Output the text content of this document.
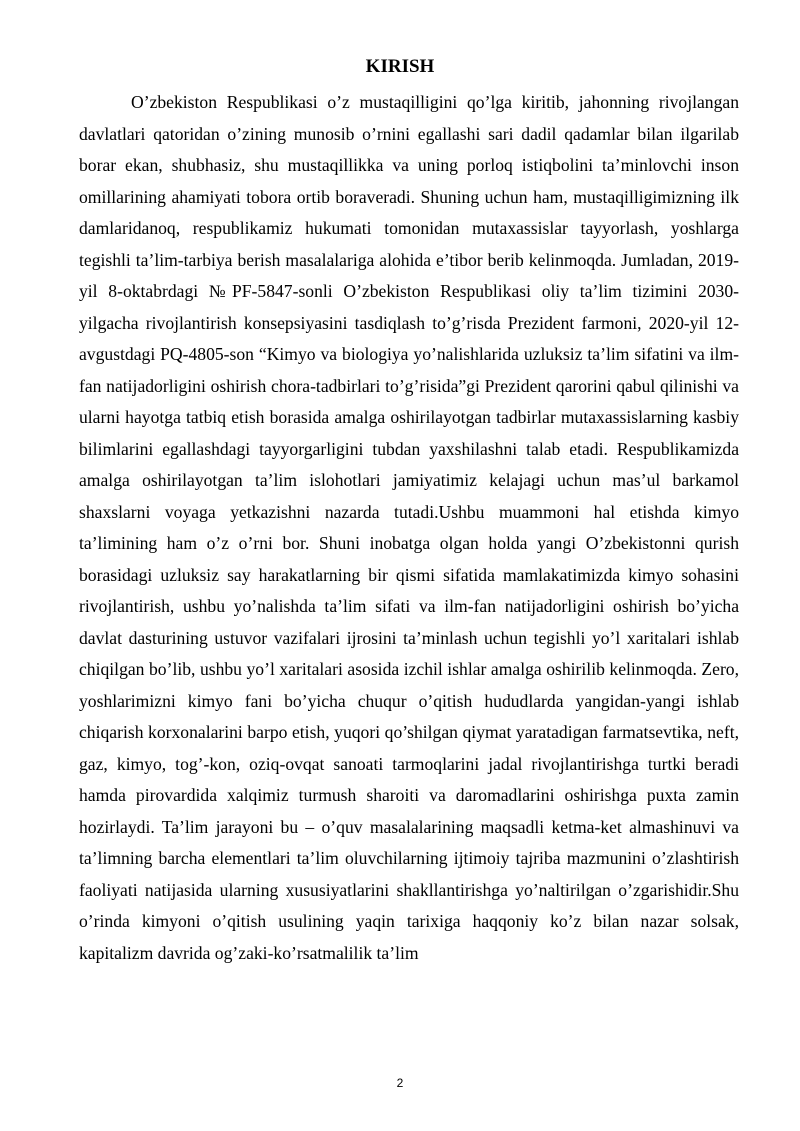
KIRISH

O’zbekiston Respublikasi o’z mustaqilligini qo’lga kiritib, jahonning rivojlangan davlatlari qatoridan o’zining munosib o’rnini egallashi sari dadil qadamlar bilan ilgarilab borar ekan, shubhasiz, shu mustaqillikka va uning porloq istiqbolini ta’minlovchi inson omillarining ahamiyati tobora ortib boraveradi. Shuning uchun ham, mustaqilligimizning ilk damlaridanoq, respublikamiz hukumati tomonidan mutaxassislar tayyorlash, yoshlarga tegishli ta’lim-tarbiya berish masalalariga alohida e’tibor berib kelinmoqda. Jumladan, 2019-yil 8-oktabrdagi №PF-5847-sonli O’zbekiston Respublikasi oliy ta’lim tizimini 2030-yilgacha rivojlantirish konsepsiyasini tasdiqlash to’g’risda Prezident farmoni, 2020-yil 12-avgustdagi PQ-4805-son “Kimyo va biologiya yo’nalishlarida uzluksiz ta’lim sifatini va ilm-fan natijadorligini oshirish chora-tadbirlari to’g’risida”gi Prezident qarorini qabul qilinishi va ularni hayotga tatbiq etish borasida amalga oshirilayotgan tadbirlar mutaxassislarning kasbiy bilimlarini egallashdagi tayyorgarligini tubdan yaxshilashni talab etadi. Respublikamizda amalga oshirilayotgan ta’lim islohotlari jamiyatimiz kelajagi uchun mas’ul barkamol shaxslarni voyaga yetkazishni nazarda tutadi.Ushbu muammoni hal etishda kimyo ta’limining ham o’z o’rni bor. Shuni inobatga olgan holda yangi O’zbekistonni qurish borasidagi uzluksiz say harakatlarning bir qismi sifatida mamlakatimizda kimyo sohasini rivojlantirish, ushbu yo’nalishda ta’lim sifati va ilm-fan natijadorligini oshirish bo’yicha davlat dasturining ustuvor vazifalari ijrosini ta’minlash uchun tegishli yo’l xaritalari ishlab chiqilgan bo’lib, ushbu yo’l xaritalari asosida izchil ishlar amalga oshirilib kelinmoqda. Zero, yoshlarimizni kimyo fani bo’yicha chuqur o’qitish hududlarda yangidan-yangi ishlab chiqarish korxonalarini barpo etish, yuqori qo’shilgan qiymat yaratadigan farmatsevtika, neft, gaz, kimyo, tog’-kon, oziq-ovqat sanoati tarmoqlarini jadal rivojlantirishga turtki beradi hamda pirovardida xalqimiz turmush sharoiti va daromadlarini oshirishga puxta zamin hozirlaydi. Ta’lim jarayoni bu – o’quv masalalarining maqsadli ketma-ket almashinuvi va ta’limning barcha elementlari ta’lim oluvchilarning ijtimoiy tajriba mazmunini o’zlashtirish faoliyati natijasida ularning xususiyatlarini shakllantirishga yo’naltirilgan o’zgarishidir.Shu o’rinda kimyoni o’qitish usulining yaqin tarixiga haqqoniy ko’z bilan nazar solsak, kapitalizm davrida og’zaki-ko’rsatmalilik ta’lim

2
